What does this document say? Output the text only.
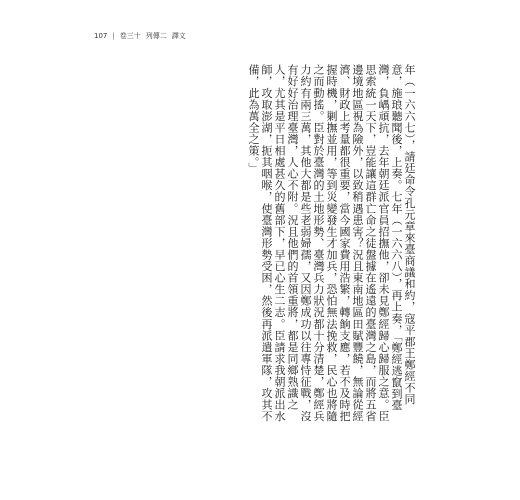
107 | 卷三十 列傳二 譯文

年（一六六七），請廷命令孔元章來臺商議和約，寇平郡王鄭經不同意，施琅聽聞後，上奏。七年（一六六八），再上奏，「鄭經逃竄到臺灣，負嵎頑抗，去年朝廷派官員招撫他，卻未見鄭經歸心歸服之意。臣思索統一天下，豈能讓這群亡命之徒盤據在遙遠的臺灣之島，而將五省邊境地區視為險外，以致稍遇患害？況且東南地區田賦豐饒，無論從經濟、財政上考量都很重要，當今國家費用浩繁，轉餉支應，若不及時把握時機，剿撫並用，等到災變發生才加兵，恐怕無法挽救，民心也將隨之而動搖。臣對於臺灣的土地形勢、臺灣兵力狀況都十分清楚，鄭經兵力約有兩三萬，其他大都是些老弱婦孺，又因鄭成功以往專恃征戰，沒有好好治理臺灣，人心不附。況且他們的首領重將，都是同鄉熟識之人，尤其是平日相處甚久的舊部下，早已心生二志。臣請求我朝派出水師，攻取澎湖，扼其咽喉，使臺灣形勢受困，然後再派遣軍隊，攻其不備，此為萬全之策。」
